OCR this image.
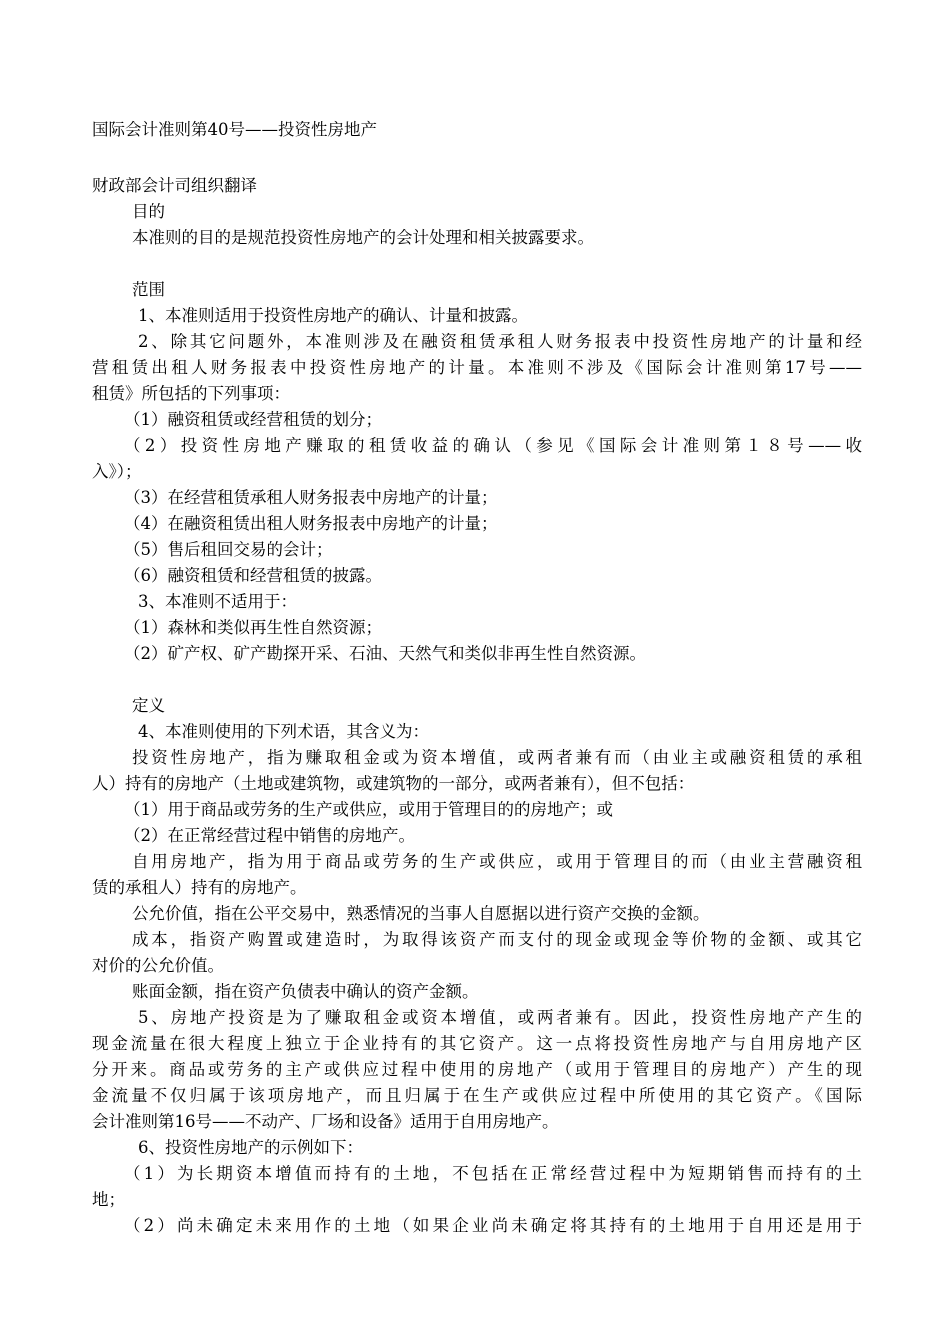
国际会计准则第40号——投资性房地产
财政部会计司组织翻译
目的
本准则的目的是规范投资性房地产的会计处理和相关披露要求。
范围
1、本准则适用于投资性房地产的确认、计量和披露。
2、除其它问题外，本准则涉及在融资租赁承租人财务报表中投资性房地产的计量和经
营租赁出租人财务报表中投资性房地产的计量。本准则不涉及《国际会计准则第17号——
租赁》所包括的下列事项：
（1）融资租赁或经营租赁的划分；
（2）投资性房地产赚取的租赁收益的确认（参见《国际会计准则第１８号——收
入》）；
（3）在经营租赁承租人财务报表中房地产的计量；
（4）在融资租赁出租人财务报表中房地产的计量；
（5）售后租回交易的会计；
（6）融资租赁和经营租赁的披露。
3、本准则不适用于：
（1）森林和类似再生性自然资源；
（2）矿产权、矿产勘探开采、石油、天然气和类似非再生性自然资源。
定义
4、本准则使用的下列术语，其含义为：
投资性房地产，指为赚取租金或为资本增值，或两者兼有而（由业主或融资租赁的承租
人）持有的房地产（土地或建筑物，或建筑物的一部分，或两者兼有），但不包括：
（1）用于商品或劳务的生产或供应，或用于管理目的的房地产；或
（2）在正常经营过程中销售的房地产。
自用房地产，指为用于商品或劳务的生产或供应，或用于管理目的而（由业主营融资租
赁的承租人）持有的房地产。
公允价值，指在公平交易中，熟悉情况的当事人自愿据以进行资产交换的金额。
成本，指资产购置或建造时，为取得该资产而支付的现金或现金等价物的金额、或其它
对价的公允价值。
账面金额，指在资产负债表中确认的资产金额。
5、房地产投资是为了赚取租金或资本增值，或两者兼有。因此，投资性房地产产生的
现金流量在很大程度上独立于企业持有的其它资产。这一点将投资性房地产与自用房地产区
分开来。商品或劳务的主产或供应过程中使用的房地产（或用于管理目的房地产）产生的现
金流量不仅归属于该项房地产，而且归属于在生产或供应过程中所使用的其它资产。《国际
会计准则第16号——不动产、厂场和设备》适用于自用房地产。
6、投资性房地产的示例如下：
（1）为长期资本增值而持有的土地，不包括在正常经营过程中为短期销售而持有的土
地；
（2）尚未确定未来用作的土地（如果企业尚未确定将其持有的土地用于自用还是用于
